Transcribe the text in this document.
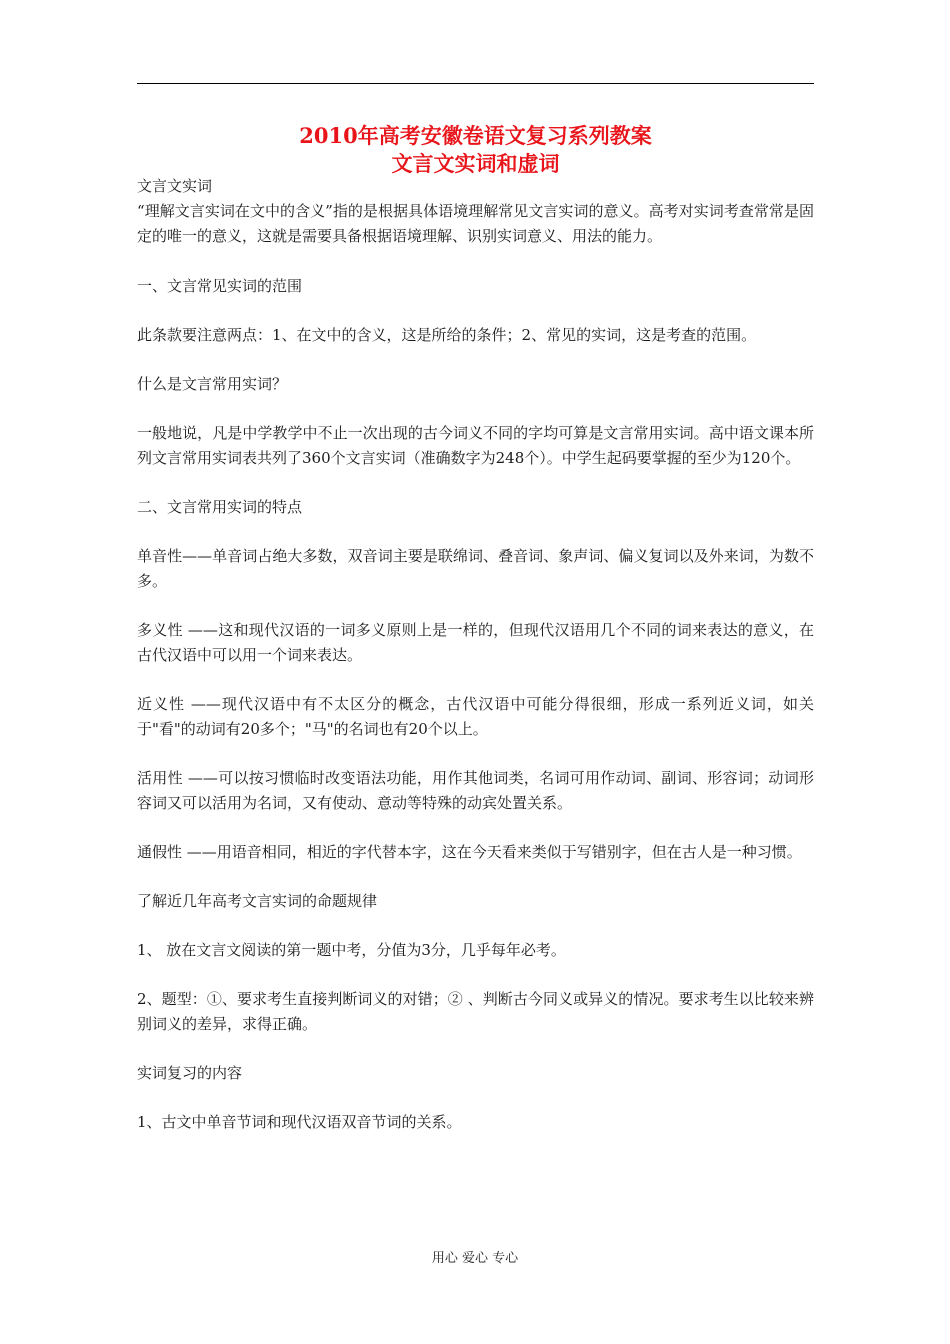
2010年高考安徽卷语文复习系列教案
文言文实词和虚词

文言文实词

“理解文言实词在文中的含义”指的是根据具体语境理解常见文言实词的意义。高考对实词考查常常是固定的唯一的意义，这就是需要具备根据语境理解、识别实词意义、用法的能力。

一、文言常见实词的范围

此条款要注意两点：1、在文中的含义，这是所给的条件；2、常见的实词，这是考查的范围。

什么是文言常用实词？

一般地说，凡是中学教学中不止一次出现的古今词义不同的字均可算是文言常用实词。高中语文课本所列文言常用实词表共列了360个文言实词（准确数字为248个）。中学生起码要掌握的至少为120个。

二、文言常用实词的特点

单音性——单音词占绝大多数，双音词主要是联绵词、叠音词、象声词、偏义复词以及外来词，为数不多。

多义性 ——这和现代汉语的一词多义原则上是一样的，但现代汉语用几个不同的词来表达的意义，在古代汉语中可以用一个词来表达。

近义性 ——现代汉语中有不太区分的概念，古代汉语中可能分得很细，形成一系列近义词，如关于"看"的动词有20多个；"马"的名词也有20个以上。

活用性 ——可以按习惯临时改变语法功能，用作其他词类，名词可用作动词、副词、形容词；动词形容词又可以活用为名词，又有使动、意动等特殊的动宾处置关系。

通假性 ——用语音相同，相近的字代替本字，这在今天看来类似于写错别字，但在古人是一种习惯。

了解近几年高考文言实词的命题规律

1、 放在文言文阅读的第一题中考，分值为3分，几乎每年必考。

2、题型：①、要求考生直接判断词义的对错；② 、判断古今同义或异义的情况。要求考生以比较来辨别词义的差异，求得正确。

实词复习的内容

1、古文中单音节词和现代汉语双音节词的关系。

用心 爱心 专心
